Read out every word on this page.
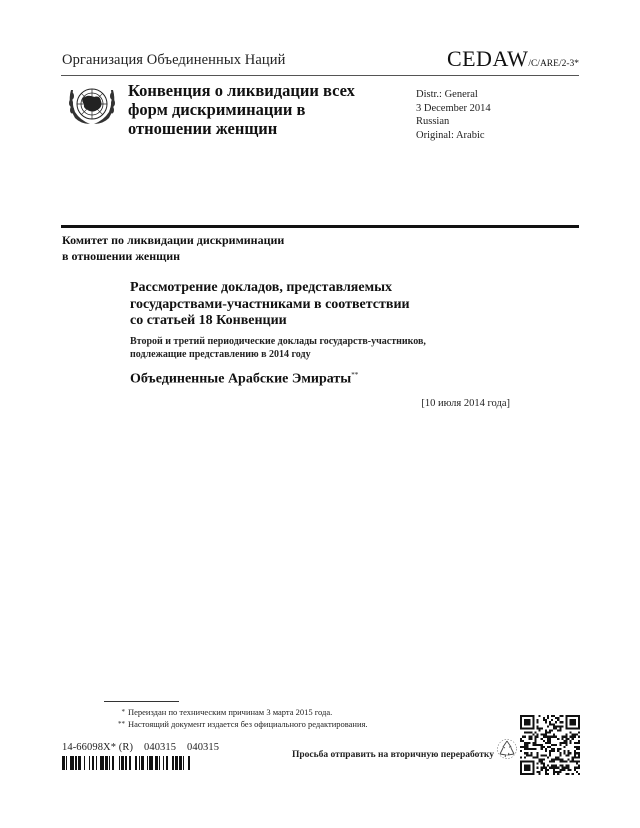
Организация Объединенных Наций	CEDAW/C/ARE/2-3*
Конвенция о ликвидации всех
форм дискриминации в
отношении женщин
Distr.: General
3 December 2014
Russian
Original: Arabic
Комитет по ликвидации дискриминации
в отношении женщин
Рассмотрение докладов, представляемых
государствами-участниками в соответствии
со статьей 18 Конвенции
Второй и третий периодические доклады государств-участников,
подлежащие представлению в 2014 году
Объединенные Арабские Эмираты**
[10 июля 2014 года]
* Переиздан по техническим причинам 3 марта 2015 года.
** Настоящий документ издается без официального редактирования.
14-66098X* (R)    040315    040315
Просьба отправить на вторичную переработку
